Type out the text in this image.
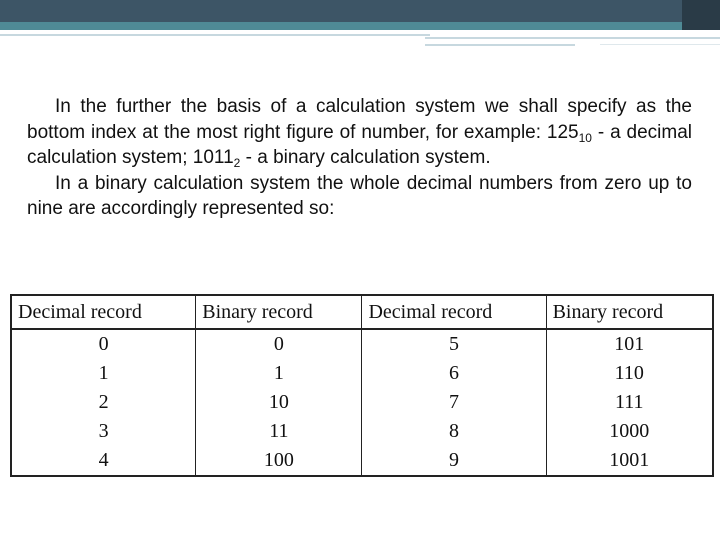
In the further the basis of a calculation system we shall specify as the bottom index at the most right figure of number, for example: $125_{10}$ - a decimal calculation system; $1011_2$ - a binary calculation system.

In a binary calculation system the whole decimal numbers from zero up to nine are accordingly represented so:

Decimal record	Binary record	Decimal record	Binary record
0	0	5	101
1	1	6	110
2	10	7	111
3	11	8	1000
4	100	9	1001
